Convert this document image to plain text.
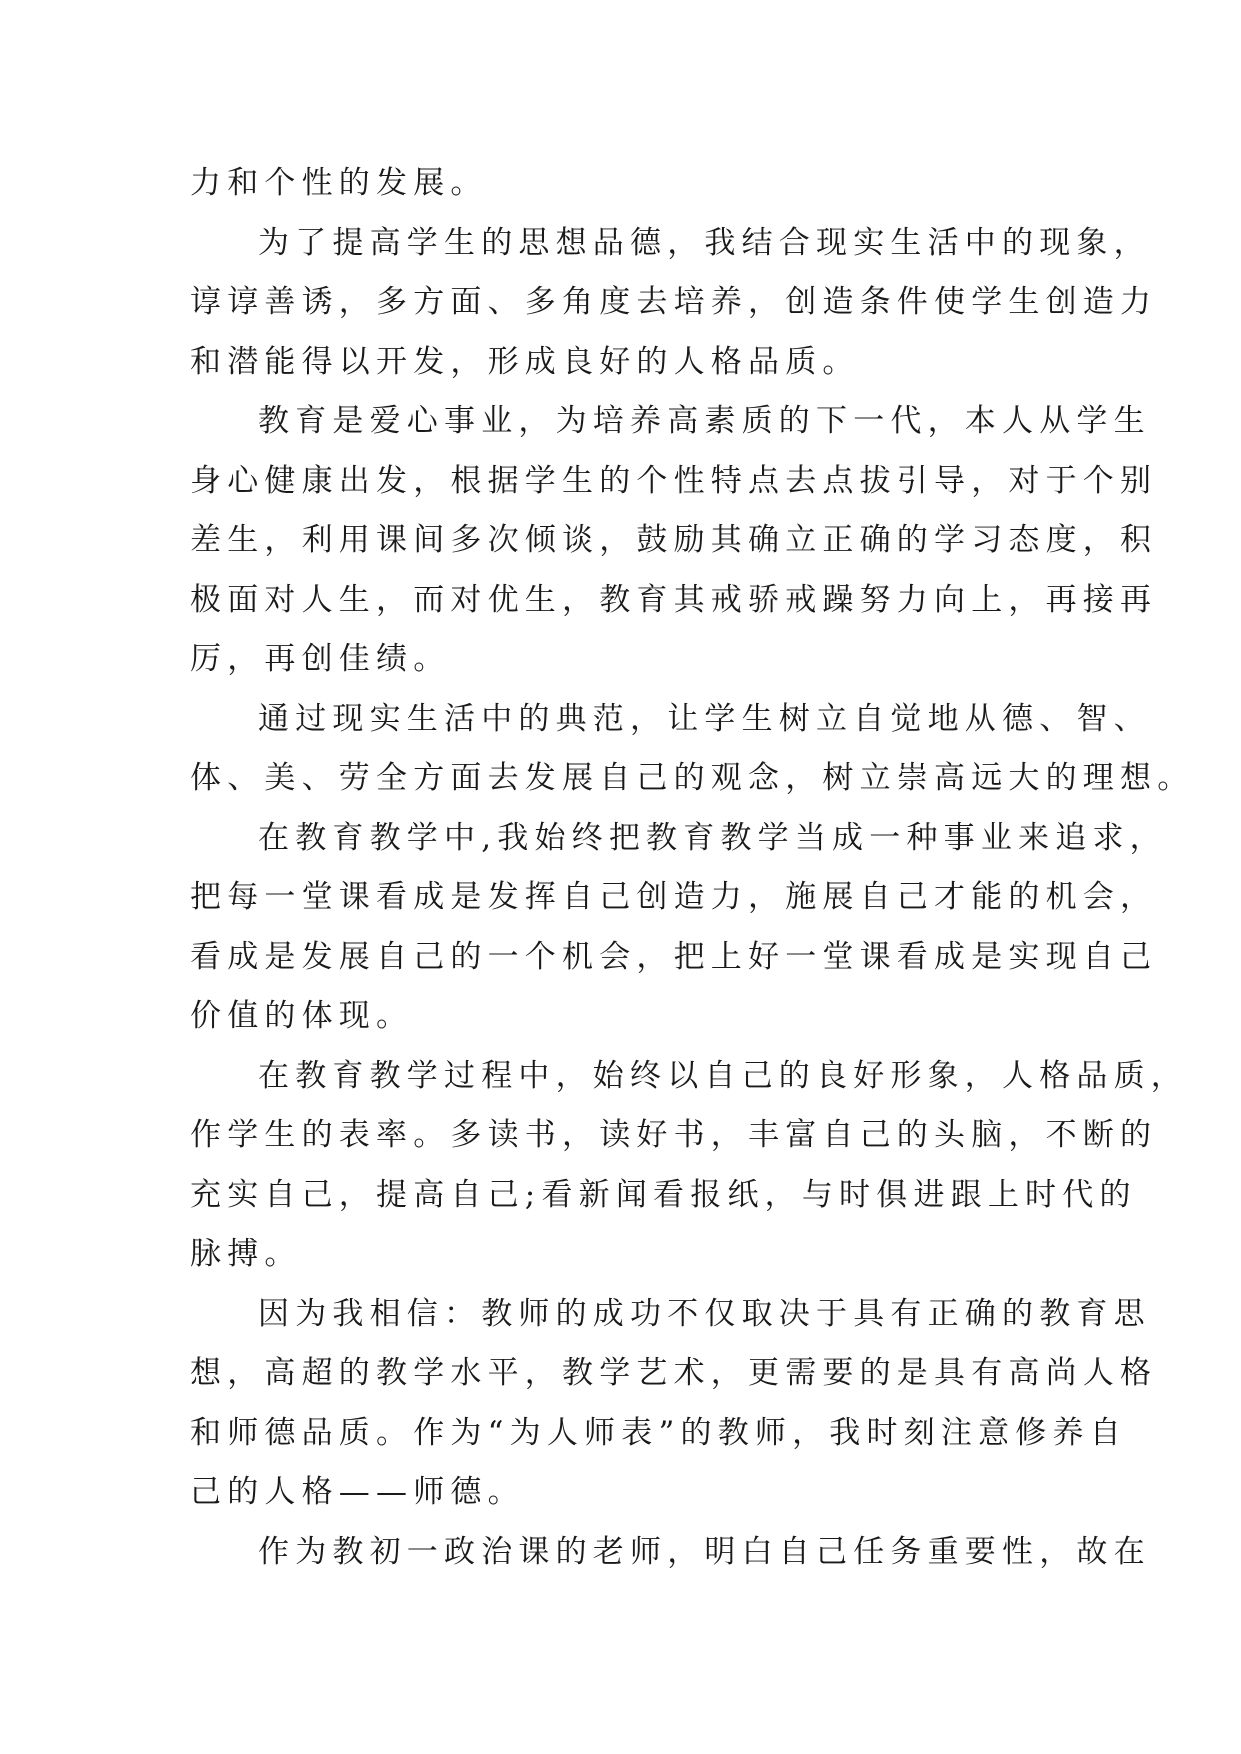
力和个性的发展。
为了提高学生的思想品德，我结合现实生活中的现象，
谆谆善诱，多方面、多角度去培养，创造条件使学生创造力
和潜能得以开发，形成良好的人格品质。
教育是爱心事业，为培养高素质的下一代，本人从学生
身心健康出发，根据学生的个性特点去点拔引导，对于个别
差生，利用课间多次倾谈，鼓励其确立正确的学习态度，积
极面对人生，而对优生，教育其戒骄戒躁努力向上，再接再
厉，再创佳绩。
通过现实生活中的典范，让学生树立自觉地从德、智、
体、美、劳全方面去发展自己的观念，树立崇高远大的理想。
在教育教学中,我始终把教育教学当成一种事业来追求，
把每一堂课看成是发挥自己创造力，施展自己才能的机会，
看成是发展自己的一个机会，把上好一堂课看成是实现自己
价值的体现。
在教育教学过程中，始终以自己的良好形象，人格品质，
作学生的表率。多读书，读好书，丰富自己的头脑，不断的
充实自己，提高自己;看新闻看报纸，与时俱进跟上时代的
脉搏。
因为我相信：教师的成功不仅取决于具有正确的教育思
想，高超的教学水平，教学艺术，更需要的是具有高尚人格
和师德品质。作为“为人师表”的教师，我时刻注意修养自
己的人格——师德。
作为教初一政治课的老师，明白自己任务重要性，故在
